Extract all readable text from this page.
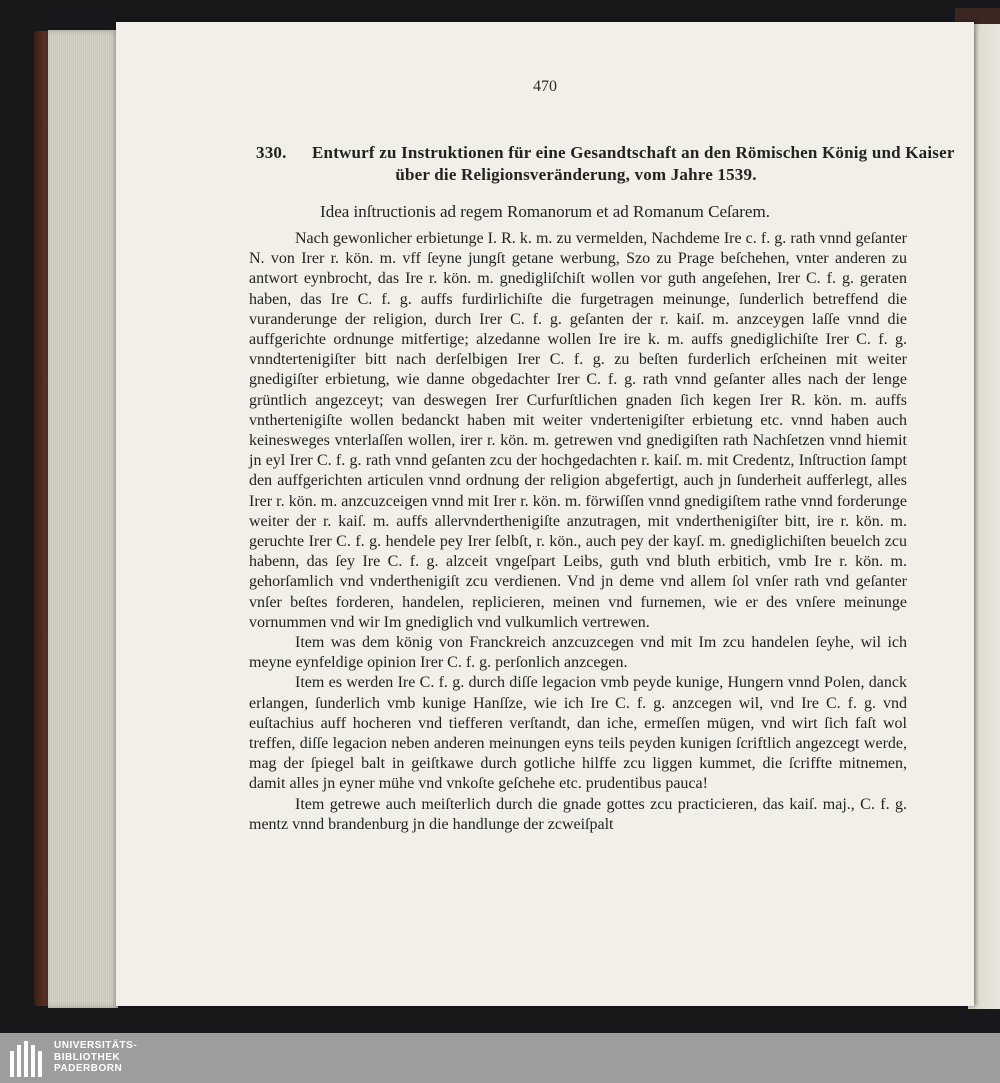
470
330. Entwurf zu Instruktionen für eine Gesandtschaft an den Römischen König und Kaiser
über die Religionsveränderung, vom Jahre 1539.
Idea inſtructionis ad regem Romanorum et ad Romanum Ceſarem.

Nach gewonlicher erbietunge I. R. k. m. zu vermelden, Nachdeme Ire c. f. g. rath vnnd geſanter N. von Irer r. kön. m. vff ſeyne jungſt getane werbung, Szo zu Prage beſchehen, vnter anderen zu antwort eynbrocht, das Ire r. kön. m. gnedigliſchiſt wollen vor guth angeſehen, Irer C. f. g. geraten haben, das Ire C. f. g. auffs furdirlichiſte die furgetragen meinunge, ſunderlich betreffend die vuranderunge der religion, durch Irer C. f. g. geſanten der r. kaiſ. m. anzceygen laſſe vnnd die auffgerichte ordnunge mitfertige; alzedanne wollen Ire ire k. m. auffs gnediglichiſte Irer C. f. g. vnndtertenigiſter bitt nach derſelbigen Irer C. f. g. zu beſten furderlich erſcheinen mit weiter gnedigiſter erbietung, wie danne obgedachter Irer C. f. g. rath vnnd geſanter alles nach der lenge grüntlich angezceyt; van deswegen Irer Curfurſtlichen gnaden ſich kegen Irer R. kön. m. auffs vnthertenigiſte wollen bedanckt haben mit weiter vndertenigiſter erbietung etc. vnnd haben auch keinesweges vnterlaſſen wollen, irer r. kön. m. getrewen vnd gnedigiſten rath Nachſetzen vnnd hiemit jn eyl Irer C. f. g. rath vnnd geſanten zcu der hochgedachten r. kaiſ. m. mit Credentz, Inſtruction ſampt den auffgerichten articulen vnnd ordnung der religion abgefertigt, auch jn ſunderheit aufferlegt, alles Irer r. kön. m. anzcuzceigen vnnd mit Irer r. kön. m. förwiſſen vnnd gnedigiſtem rathe vnnd forderunge weiter der r. kaiſ. m. auffs allervnderthenigiſte anzutragen, mit vnderthenigiſter bitt, ire r. kön. m. geruchte Irer C. f. g. hendele pey Irer ſelbſt, r. kön., auch pey der kayſ. m. gnediglichiſten beuelch zcu habenn, das ſey Ire C. f. g. alzceit vngeſpart Leibs, guth vnd bluth erbitich, vmb Ire r. kön. m. gehorſamlich vnd vnderthenigiſt zcu verdienen. Vnd jn deme vnd allem ſol vnſer rath vnd geſanter vnſer beſtes forderen, handelen, replicieren, meinen vnd furnemen, wie er des vnſere meinunge vornummen vnd wir Im gnediglich vnd vulkumlich vertrewen.

Item was dem könig von Franckreich anzcuzcegen vnd mit Im zcu handelen ſeyhe, wil ich meyne eynfeldige opinion Irer C. f. g. perſonlich anzcegen.

Item es werden Ire C. f. g. durch diſſe legacion vmb peyde kunige, Hungern vnnd Polen, danck erlangen, ſunderlich vmb kunige Hanſſze, wie ich Ire C. f. g. anzcegen wil, vnd Ire C. f. g. vnd euſtachius auff hocheren vnd tiefferen verſtandt, dan iche, ermeſſen mügen, vnd wirt ſich faſt wol treffen, diſſe legacion neben anderen meinungen eyns teils peyden kunigen ſcriftlich angezcegt werde, mag der ſpiegel balt in geiſtkawe durch gotliche hilffe zcu liggen kummet, die ſcriffte mitnemen, damit alles jn eyner mühe vnd vnkoſte geſchehe etc. prudentibus pauca!

Item getrewe auch meiſterlich durch die gnade gottes zcu practicieren, das kaiſ. maj., C. f. g. mentz vnnd brandenburg jn die handlunge der zcweiſpalt

UNIVERSITÄTS-
BIBLIOTHEK
PADERBORN
